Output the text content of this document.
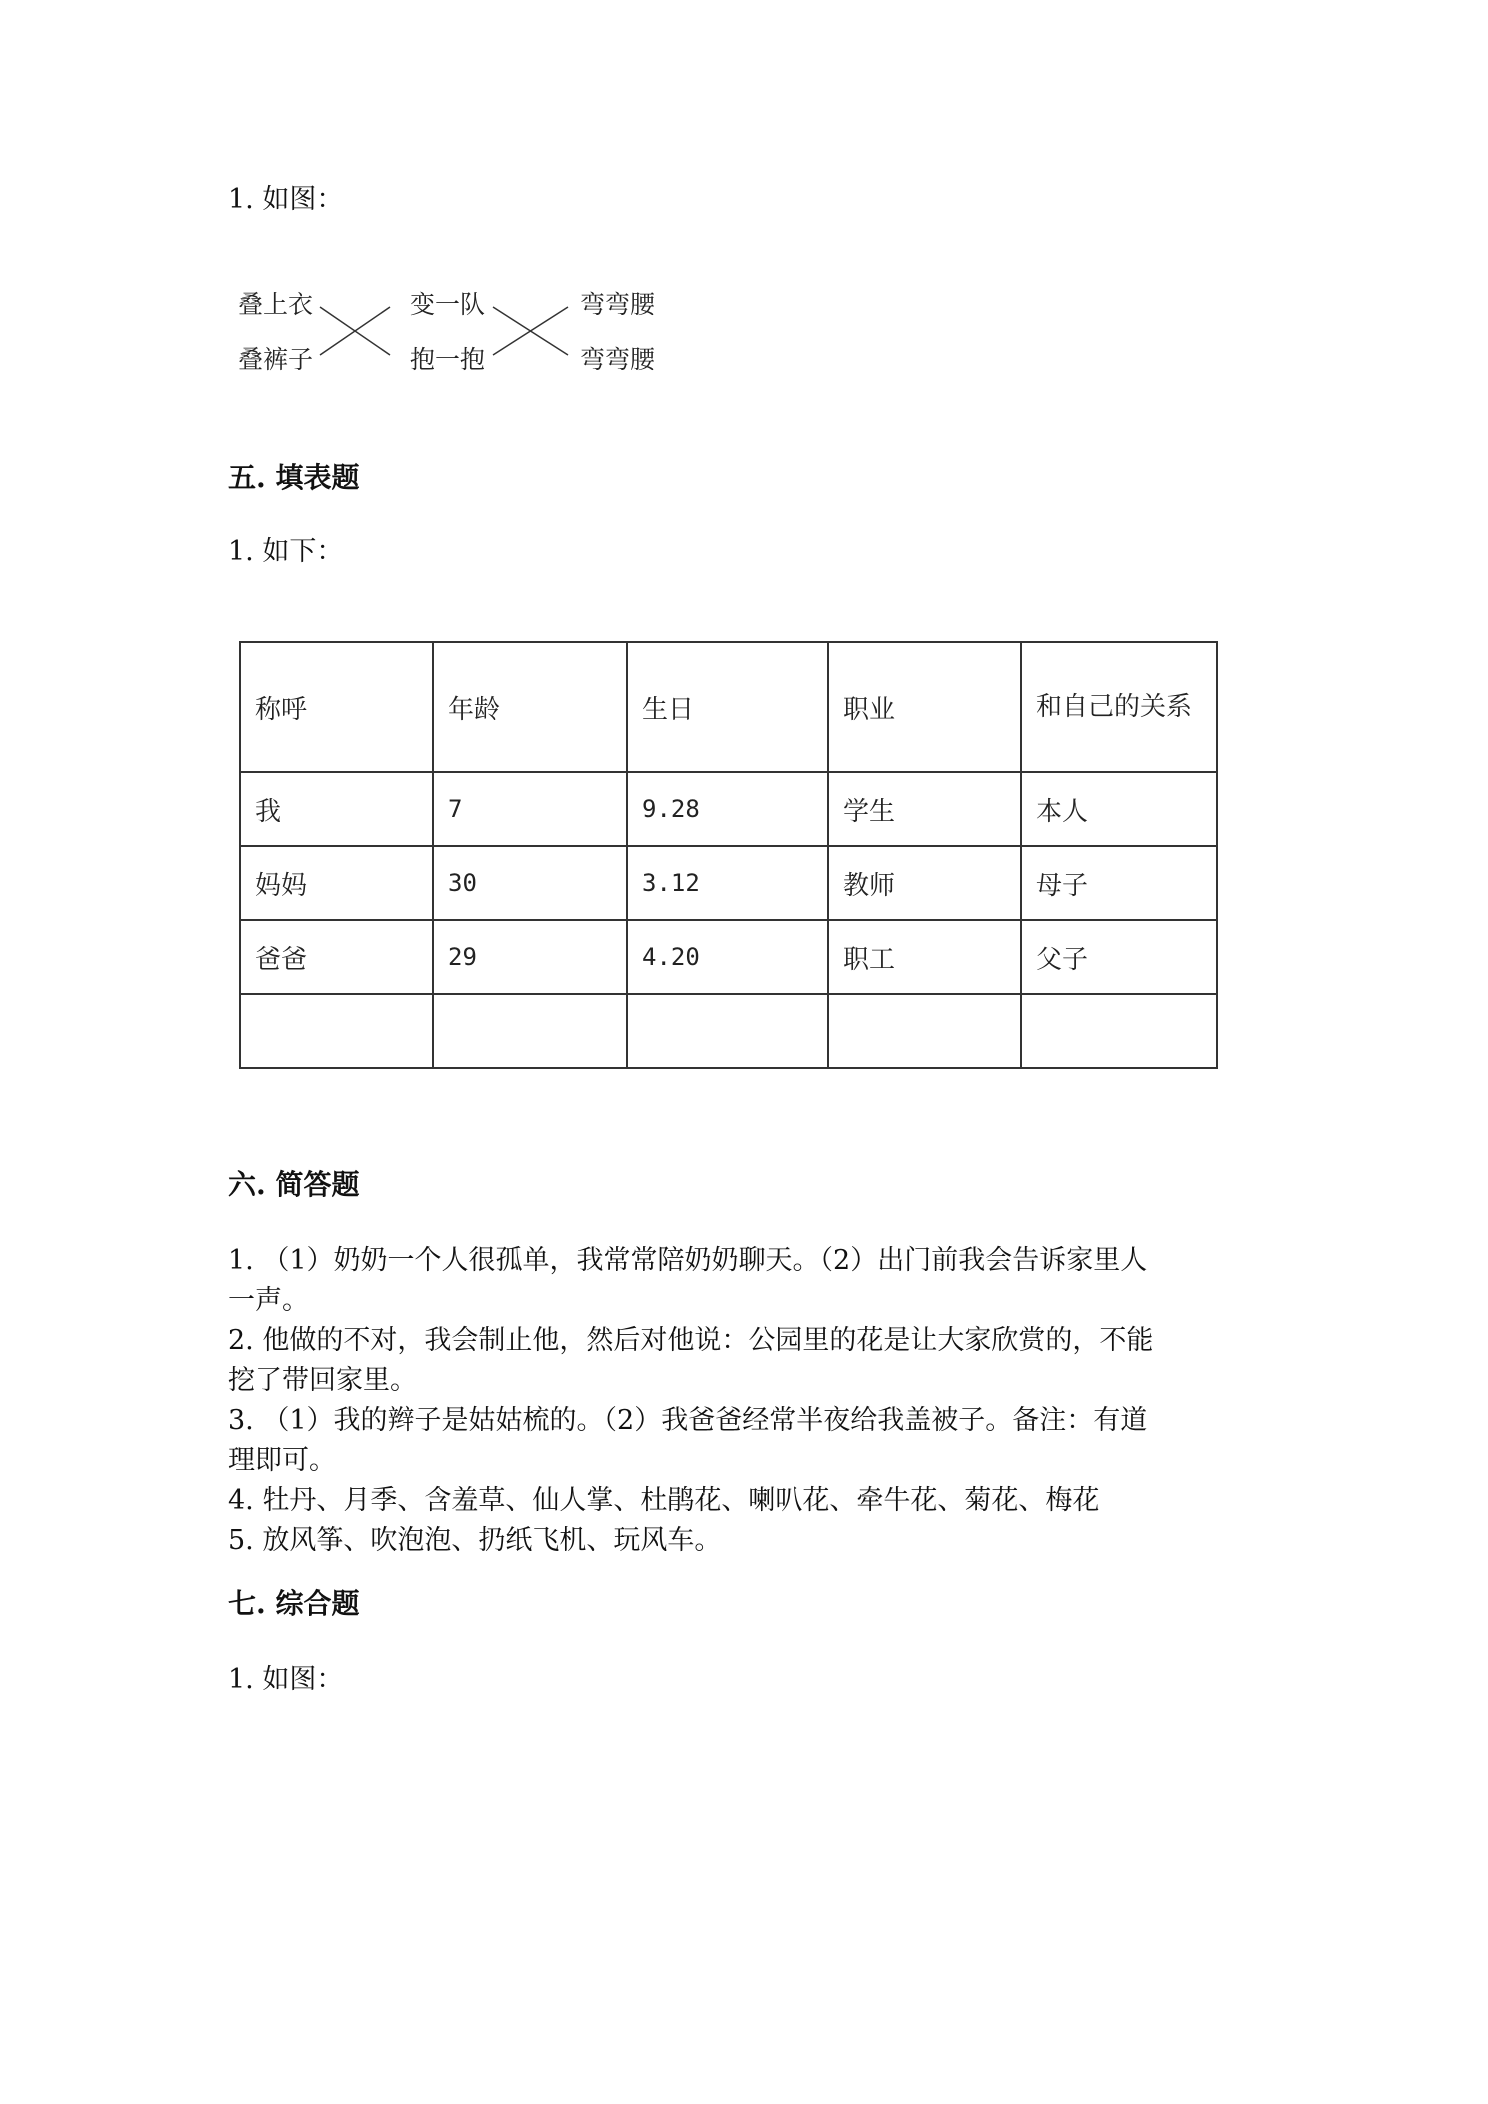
1. 如图：
叠上衣
叠裤子
变一队
抱一抱
弯弯腰
弯弯腰
五. 填表题
1. 如下：
称呼	年龄	生日	职业	和自己的关系
我	7	9.28	学生	本人
妈妈	30	3.12	教师	母子
爸爸	29	4.20	职工	父子

六. 简答题
1. （1）奶奶一个人很孤单，我常常陪奶奶聊天。（2）出门前我会告诉家里人
一声。
2. 他做的不对，我会制止他，然后对他说：公园里的花是让大家欣赏的，不能
挖了带回家里。
3. （1）我的辫子是姑姑梳的。（2）我爸爸经常半夜给我盖被子。备注：有道
理即可。
4. 牡丹、月季、含羞草、仙人掌、杜鹃花、喇叭花、牵牛花、菊花、梅花
5. 放风筝、吹泡泡、扔纸飞机、玩风车。
七. 综合题
1. 如图：
